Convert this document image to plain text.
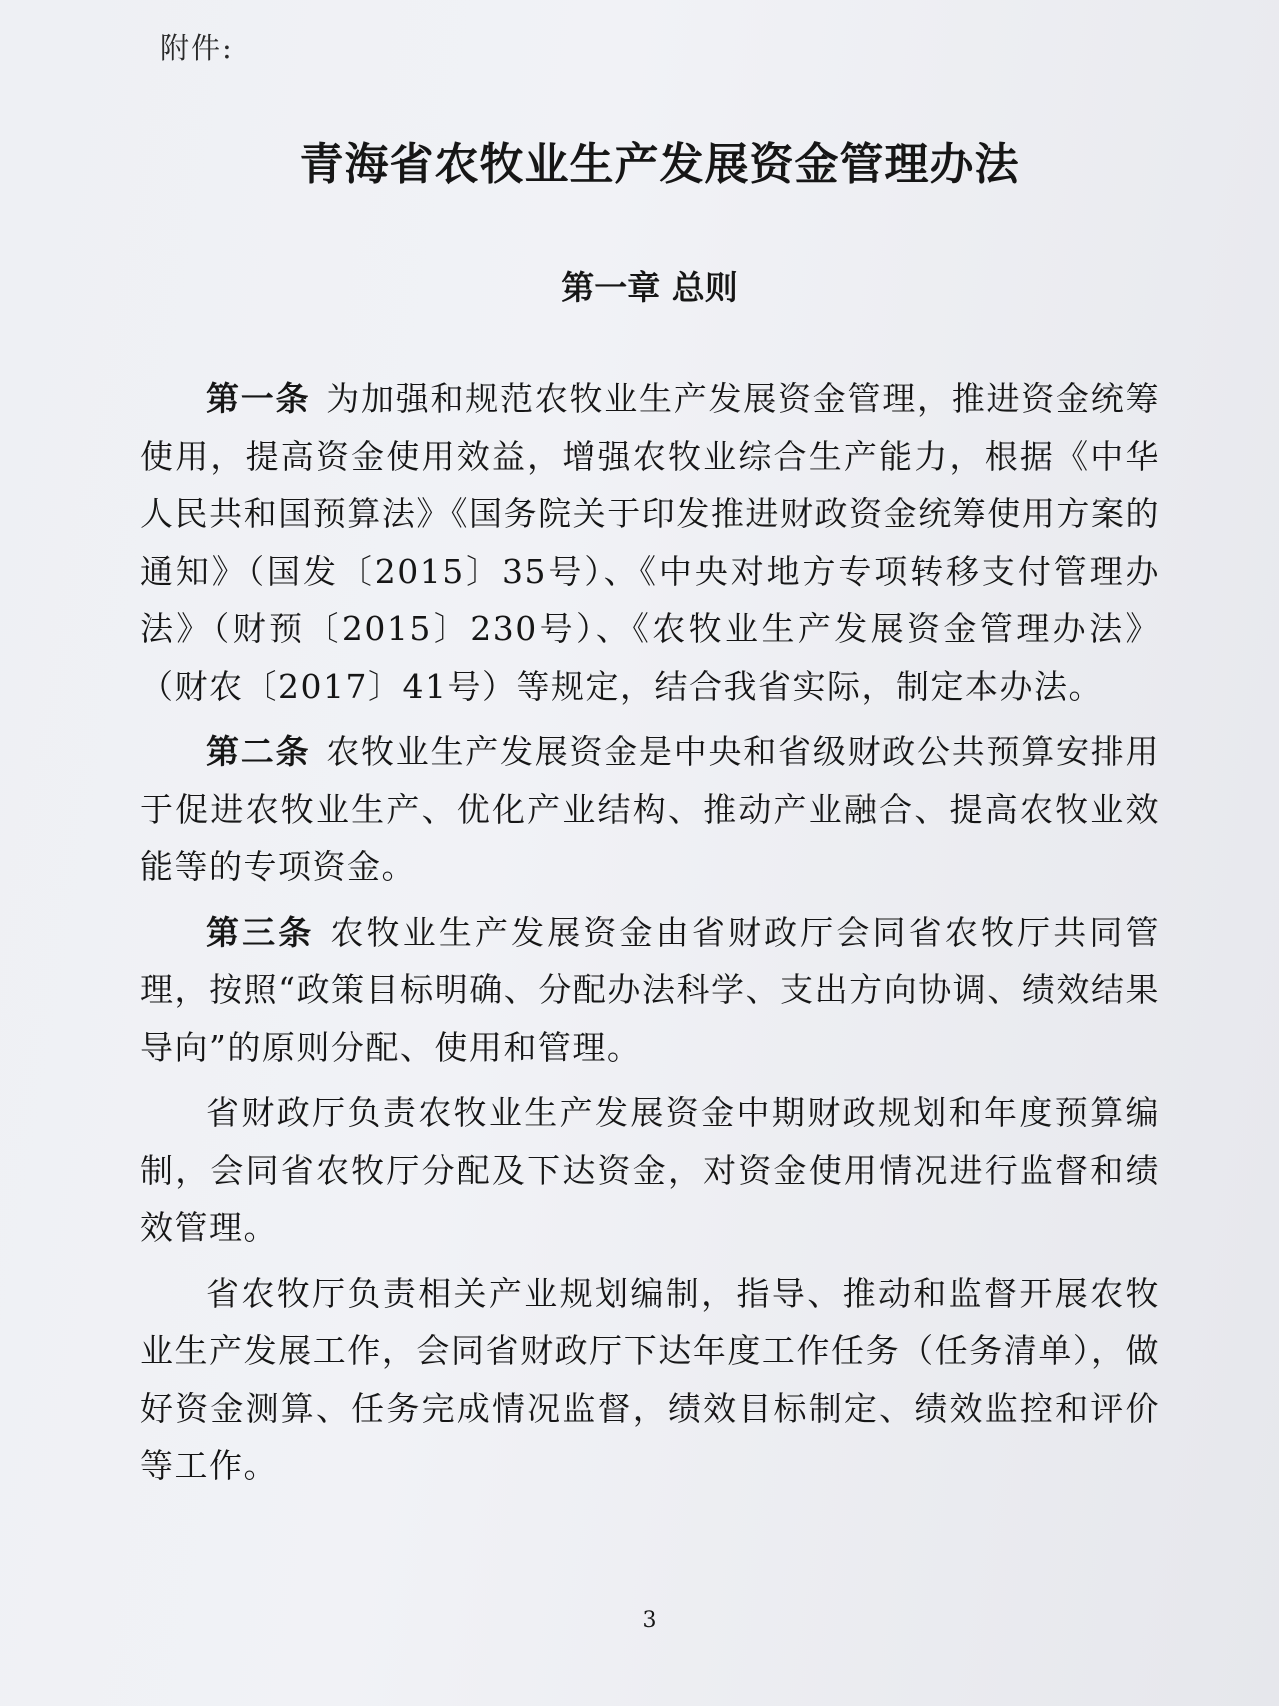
附件:
青海省农牧业生产发展资金管理办法
第一章 总则

第一条 为加强和规范农牧业生产发展资金管理，推进资金统筹使用，提高资金使用效益，增强农牧业综合生产能力，根据《中华人民共和国预算法》《国务院关于印发推进财政资金统筹使用方案的通知》（国发〔2015〕35号）、《中央对地方专项转移支付管理办法》（财预〔2015〕230号）、《农牧业生产发展资金管理办法》（财农〔2017〕41号）等规定，结合我省实际，制定本办法。

第二条 农牧业生产发展资金是中央和省级财政公共预算安排用于促进农牧业生产、优化产业结构、推动产业融合、提高农牧业效能等的专项资金。

第三条 农牧业生产发展资金由省财政厅会同省农牧厅共同管理，按照“政策目标明确、分配办法科学、支出方向协调、绩效结果导向”的原则分配、使用和管理。

省财政厅负责农牧业生产发展资金中期财政规划和年度预算编制，会同省农牧厅分配及下达资金，对资金使用情况进行监督和绩效管理。

省农牧厅负责相关产业规划编制，指导、推动和监督开展农牧业生产发展工作，会同省财政厅下达年度工作任务（任务清单），做好资金测算、任务完成情况监督，绩效目标制定、绩效监控和评价等工作。

3
